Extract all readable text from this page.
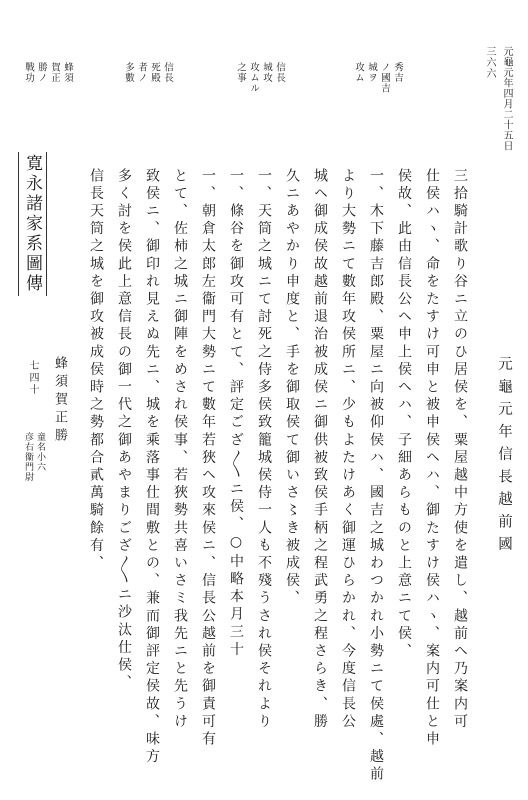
三六六 元龜元年四月二十五日
秀吉
ノ國吉
城ヲ
攻ム
信長
城攻
攻ムル
之事
信長
死殿
者ノ
多數
蜂須
賀正
勝ノ
戰功
三拾騎計歌り谷ニ立のひ居侯を、粟屋越中方使を遣し、越前ヘ乃案内可
仕侯ハヽ、命をたすけ可申と被申侯ヘハ、御たすけ侯ハヽ、案内可仕と申
侯故、此由信長公ヘ申上侯ヘハ、子細あらものと上意ニて侯、
一、木下藤吉郎殿、粟屋ニ向被仰侯ハ、國吉之城わつかれ小勢ニて侯處、越前
より大勢ニて數年攻侯所ニ、少もよたけあく御運ひらかれ、今度信長公
城ヘ御成侯故越前退治被成侯ニ御供被致侯手柄之程武勇之程さらき、勝
久ニあやかり申度と、手を御取侯て御いさ〻き被成侯、
一、天筒之城ニて討死之侍多侯致籠城侯侍一人も不殘うされ侯それより
一、條谷を御攻可有とて、評定ござ〳〵ニ侯、○中略本月三十
一、朝倉太郎左衞門大勢ニて數年若狹ヘ攻來侯ニ、信長公越前を御責可有
とて、佐柿之城ニ御陣をめされ侯事、若狹勢共喜いさミ我先ニと先うけ
致侯ニ、御印れ見えぬ先ニ、城を乘落事仕間敷との、兼而御評定侯故、味方
多く討を侯此上意信長の御一代之御あやまりござ〳〵ニ沙汰仕侯、
信長天筒之城を御攻被成侯時之勢都合貳萬騎餘有、
寛永諸家系圖傳
七四十	元龜元年信長越前國
蜂須賀正勝
童名小六
彦右衞門尉
